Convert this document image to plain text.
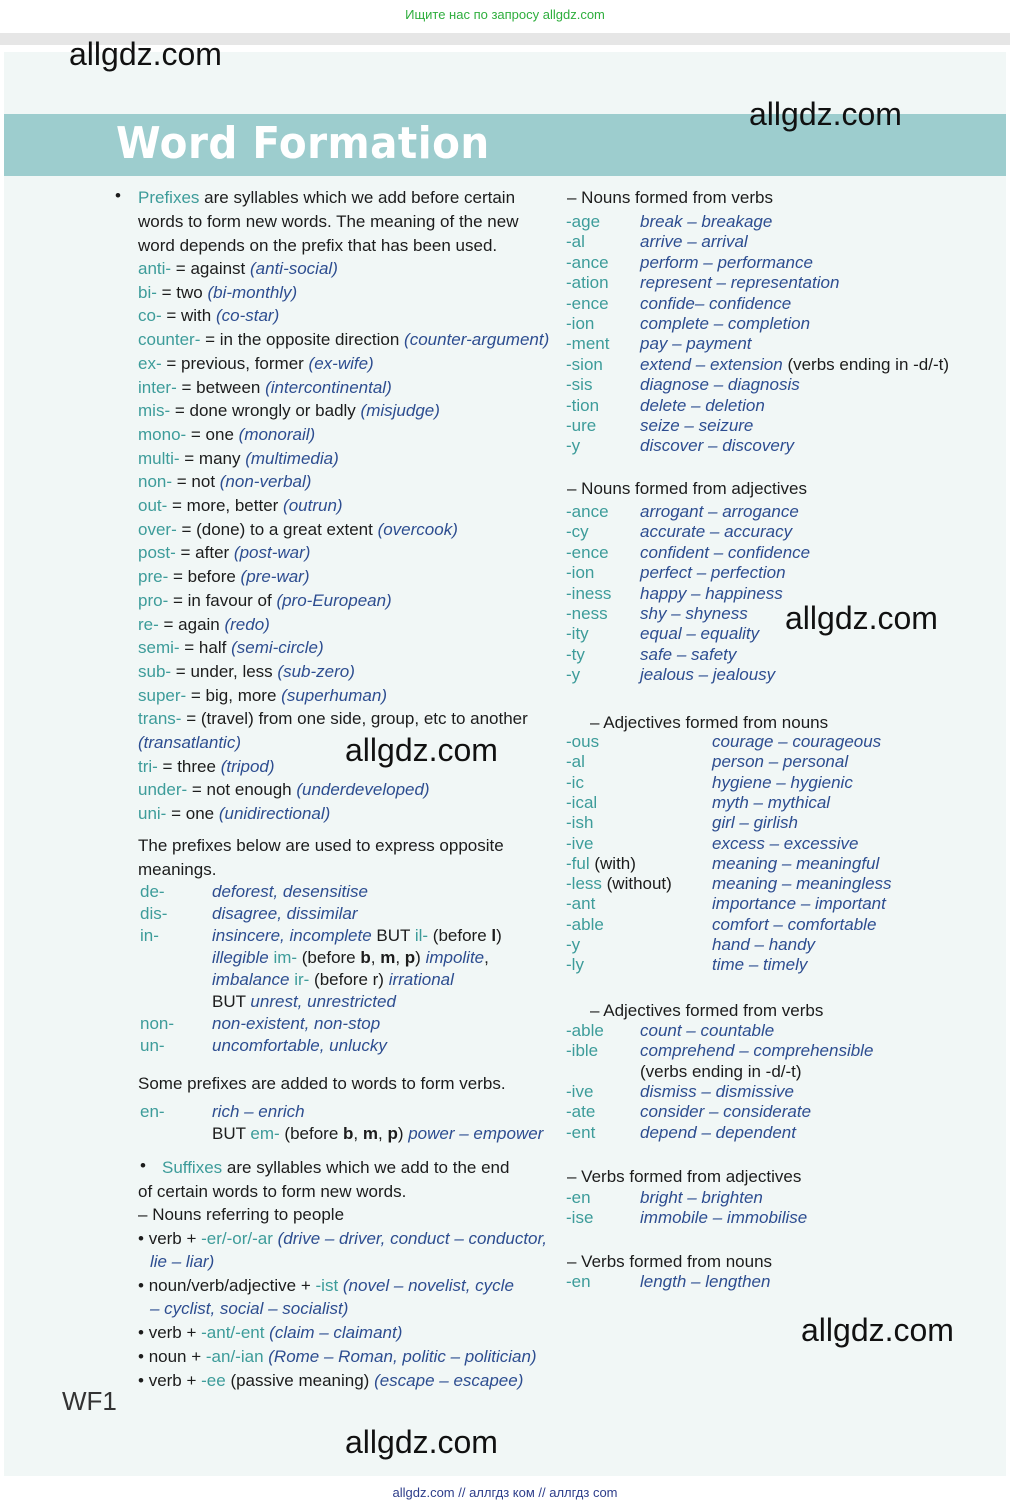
Ищите нас по запросу allgdz.com
Word Formation
allgdz.com
allgdz.com
allgdz.com
allgdz.com
allgdz.com
allgdz.com
Prefixes are syllables which we add before certain
words to form new words. The meaning of the new
word depends on the prefix that has been used.
•
anti- = against (anti-social)
bi- = two (bi-monthly)
co- = with (co-star)
counter- = in the opposite direction (counter-argument)
ex- = previous, former (ex-wife)
inter- = between (intercontinental)
mis- = done wrongly or badly (misjudge)
mono- = one (monorail)
multi- = many (multimedia)
non- = not (non-verbal)
out- = more, better (outrun)
over- = (done) to a great extent (overcook)
post- = after (post-war)
pre- = before (pre-war)
pro- = in favour of (pro-European)
re- = again (redo)
semi- = half (semi-circle)
sub- = under, less (sub-zero)
super- = big, more (superhuman)
trans- = (travel) from one side, group, etc to another
(transatlantic)
tri- = three (tripod)
under- = not enough (underdeveloped)
uni- = one (unidirectional)
The prefixes below are used to express opposite
meanings.
de-	deforest, desensitise
dis-	disagree, dissimilar
in-	insincere, incomplete BUT il- (before l)
illegible im- (before b, m, p) impolite,
imbalance ir- (before r) irrational
BUT unrest, unrestricted
non- non-existent, non-stop
un-	uncomfortable, unlucky
Some prefixes are added to words to form verbs.
en-	rich – enrich
BUT em- (before b, m, p) power – empower
• Suffixes are syllables which we add to the end
of certain words to form new words.
– Nouns referring to people
• verb + -er/-or/-ar (drive – driver, conduct – conductor,
lie – liar)
• noun/verb/adjective + -ist (novel – novelist, cycle
– cyclist, social – socialist)
• verb + -ant/-ent (claim – claimant)
• noun + -an/-ian (Rome – Roman, politic – politician)
• verb + -ee (passive meaning) (escape – escapee)
– Nouns formed from verbs
-age break – breakage
-al	arrive – arrival
-ance perform – performance
-ation represent – representation
-ence confide– confidence
-ion	complete – completion
-ment pay – payment
-sion extend – extension (verbs ending in -d/-t)
-sis	diagnose – diagnosis
-tion delete – deletion
-ure	seize – seizure
-y	discover – discovery
– Nouns formed from adjectives
-ance arrogant – arrogance
-cy	accurate – accuracy
-ence confident – confidence
-ion	perfect – perfection
-iness happy – happiness
-ness shy – shyness
-ity	equal – equality
-ty	safe – safety
-y	jealous – jealousy
– Adjectives formed from nouns
-ous	courage – courageous
-al	person – personal
-ic	hygiene – hygienic
-ical	myth – mythical
-ish	girl – girlish
-ive	excess – excessive
-ful (with)	meaning – meaningful
-less (without) meaning – meaningless
-ant	importance – important
-able	comfort – comfortable
-y	hand – handy
-ly	time – timely
– Adjectives formed from verbs
-able count – countable
-ible comprehend – comprehensible
(verbs ending in -d/-t)
-ive	dismiss – dismissive
-ate	consider – considerate
-ent	depend – dependent
– Verbs formed from adjectives
-en	bright – brighten
-ise	immobile – immobilise
– Verbs formed from nouns
-en	length – lengthen
WF1
allgdz.com // аллгдз ком // аллгдз com
